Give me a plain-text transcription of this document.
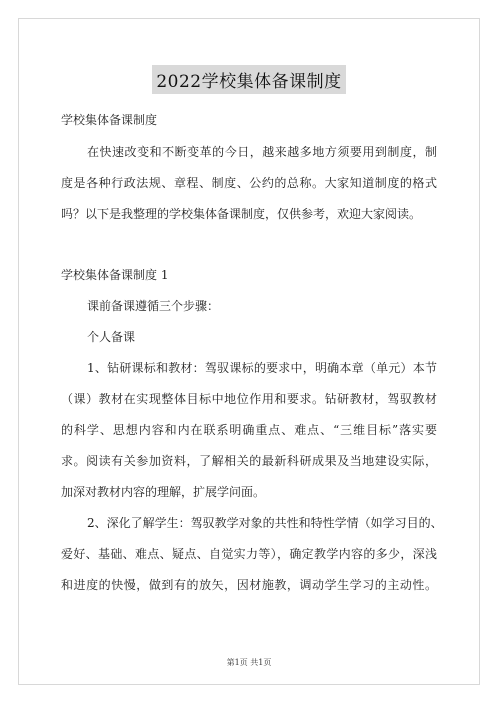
2022学校集体备课制度
学校集体备课制度
在快速改变和不断变革的今日，越来越多地方须要用到制度，制
度是各种行政法规、章程、制度、公约的总称。大家知道制度的格式
吗？以下是我整理的学校集体备课制度，仅供参考，欢迎大家阅读。
学校集体备课制度 1
课前备课遵循三个步骤：
个人备课
1、钻研课标和教材：驾驭课标的要求中，明确本章（单元）本节
（课）教材在实现整体目标中地位作用和要求。钻研教材，驾驭教材
的科学、思想内容和内在联系明确重点、难点、“三维目标”落实要
求。阅读有关参加资料，了解相关的最新科研成果及当地建设实际，
加深对教材内容的理解，扩展学问面。
2、深化了解学生：驾驭教学对象的共性和特性学情（如学习目的、
爱好、基础、难点、疑点、自觉实力等），确定教学内容的多少，深浅
和进度的快慢，做到有的放矢，因材施教，调动学生学习的主动性。
第1页 共1页
